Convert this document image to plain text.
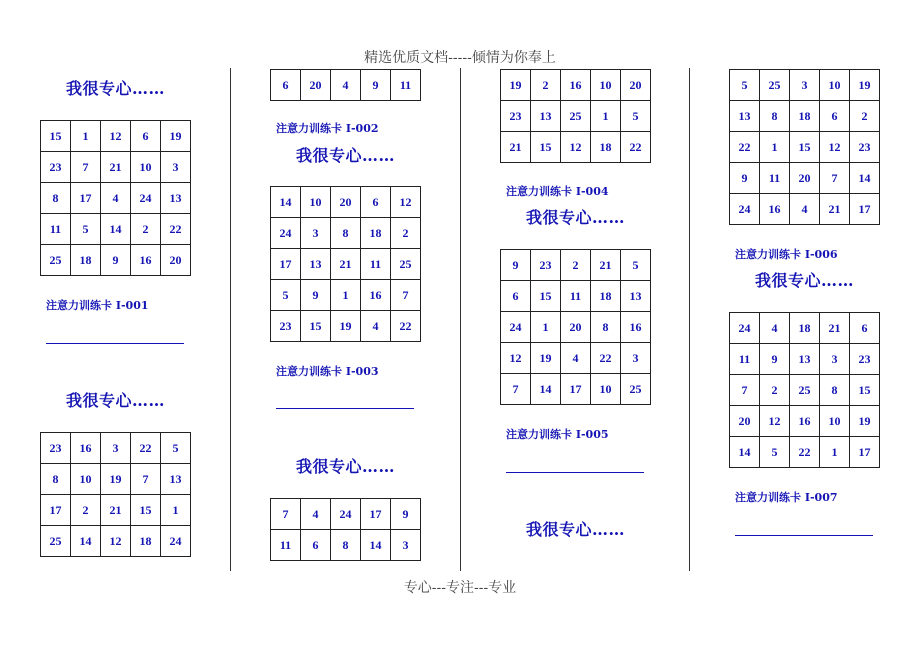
精选优质文档-----倾情为你奉上
我很专心……
15	1	12	6	19
23	7	21	10	3
8	17	4	24	13
11	5	14	2	22
25	18	9	16	20
注意力训练卡 I-001
我很专心……
23	16	3	22	5
8	10	19	7	13
17	2	21	15	1
25	14	12	18	24
6	20	4	9	11
注意力训练卡 I-002
我很专心……
14	10	20	6	12
24	3	8	18	2
17	13	21	11	25
5	9	1	16	7
23	15	19	4	22
注意力训练卡 I-003
我很专心……
7	4	24	17	9
11	6	8	14	3
19	2	16	10	20
23	13	25	1	5
21	15	12	18	22
注意力训练卡 I-004
我很专心……
9	23	2	21	5
6	15	11	18	13
24	1	20	8	16
12	19	4	22	3
7	14	17	10	25
注意力训练卡 I-005
我很专心……
5	25	3	10	19
13	8	18	6	2
22	1	15	12	23
9	11	20	7	14
24	16	4	21	17
注意力训练卡 I-006
我很专心……
24	4	18	21	6
11	9	13	3	23
7	2	25	8	15
20	12	16	10	19
14	5	22	1	17
注意力训练卡 I-007
专心---专注---专业
